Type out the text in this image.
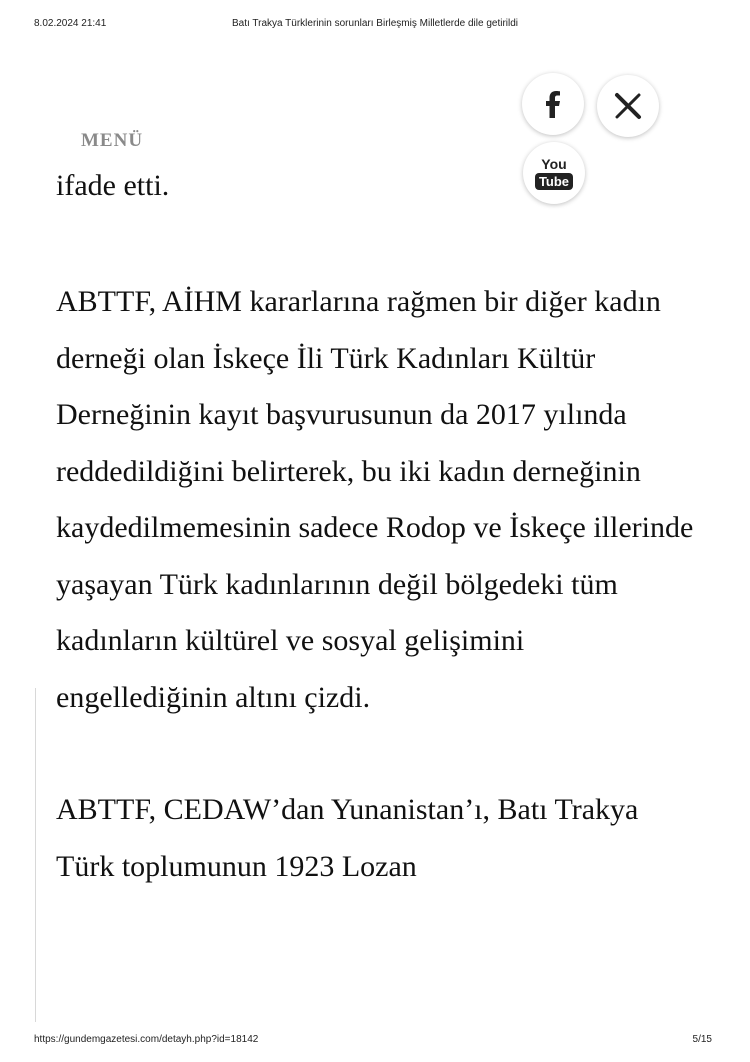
8.02.2024 21:41	Batı Trakya Türklerinin sorunları Birleşmiş Milletlerde dile getirildi
ifade etti.
MENÜ
You
Tube

ABTTF, AİHM kararlarına rağmen bir diğer kadın derneği olan İskeçe İli Türk Kadınları Kültür Derneğinin kayıt başvurusunun da 2017 yılında reddedildiğini belirterek, bu iki kadın derneğinin kaydedilmemesinin sadece Rodop ve İskeçe illerinde yaşayan Türk kadınlarının değil bölgedeki tüm kadınların kültürel ve sosyal gelişimini engellediğinin altını çizdi.

ABTTF, CEDAW’dan Yunanistan’ı, Batı Trakya Türk toplumunun 1923 Lozan

https://gundemgazetesi.com/detayh.php?id=18142	5/15
